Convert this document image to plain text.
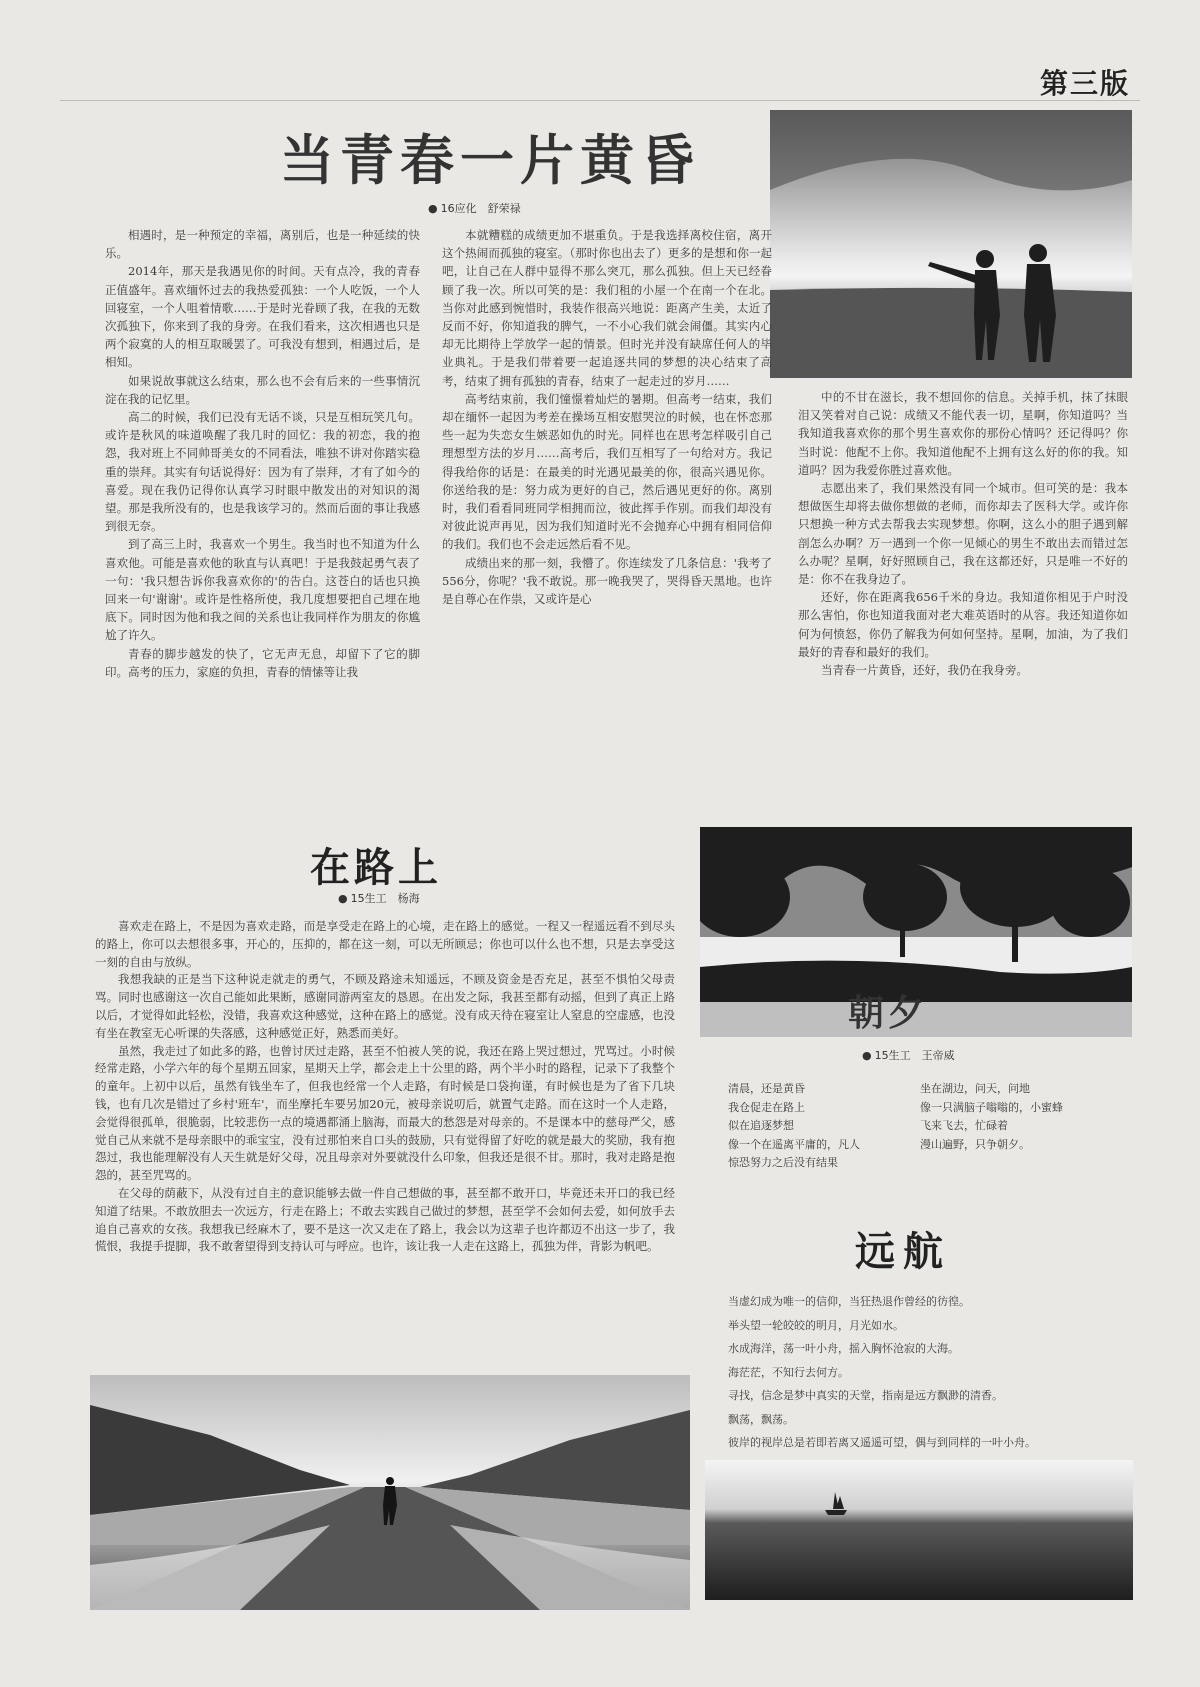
第三版
当青春一片黄昏
● 16应化　舒荣禄

相遇时，是一种预定的幸福，离别后，也是一种延续的快乐。

2014年，那天是我遇见你的时间。天有点冷，我的青春正值盛年。喜欢缅怀过去的我热爱孤独：一个人吃饭，一个人回寝室，一个人咀着情歌……于是时光眷顾了我，在我的无数次孤独下，你来到了我的身旁。在我们看来，这次相遇也只是两个寂寞的人的相互取暖罢了。可我没有想到，相遇过后，是相知。

如果说故事就这么结束，那么也不会有后来的一些事情沉淀在我的记忆里。

高二的时候，我们已没有无话不谈，只是互相玩笑几句。或许是秋风的味道唤醒了我几时的回忆：我的初恋，我的抱怨，我对班上不同帅哥美女的不同看法，唯独不讲对你踏实稳重的崇拜。其实有句话说得好：因为有了崇拜，才有了如今的喜爱。现在我仍记得你认真学习时眼中散发出的对知识的渴望。那是我所没有的，也是我该学习的。然而后面的事让我感到很无奈。

到了高三上时，我喜欢一个男生。我当时也不知道为什么喜欢他。可能是喜欢他的耿直与认真吧！于是我鼓起勇气表了一句：'我只想告诉你我喜欢你的'的告白。这苍白的话也只换回来一句'谢谢'。或许是性格所使，我几度想要把自己埋在地底下。同时因为他和我之间的关系也让我同样作为朋友的你尴尬了许久。

青春的脚步越发的快了，它无声无息，却留下了它的脚印。高考的压力，家庭的负担，青春的情愫等让我

本就糟糕的成绩更加不堪重负。于是我选择离校住宿，离开这个热闹而孤独的寝室。（那时你也出去了）更多的是想和你一起吧，让自己在人群中显得不那么突兀，那么孤独。但上天已经眷顾了我一次。所以可笑的是：我们租的小屋一个在南一个在北。当你对此感到惋惜时，我装作很高兴地说：距离产生美，太近了反而不好，你知道我的脾气，一不小心我们就会闹僵。其实内心却无比期待上学放学一起的情景。但时光并没有缺席任何人的毕业典礼。于是我们带着要一起追逐共同的梦想的决心结束了高考，结束了拥有孤独的青春，结束了一起走过的岁月……

高考结束前，我们憧憬着灿烂的暑期。但高考一结束，我们却在缅怀一起因为考差在操场互相安慰哭泣的时候，也在怀恋那些一起为失恋女生嫉恶如仇的时光。同样也在思考怎样吸引自己理想型方法的岁月……高考后，我们互相写了一句给对方。我记得我给你的话是：在最美的时光遇见最美的你，很高兴遇见你。你送给我的是：努力成为更好的自己，然后遇见更好的你。离别时，我们看看同班同学相拥而泣，彼此挥手作别。而我们却没有对彼此说声再见，因为我们知道时光不会抛弃心中拥有相同信仰的我们。我们也不会走远然后看不见。

成绩出来的那一刻，我懵了。你连续发了几条信息：'我考了556分，你呢？'我不敢说。那一晚我哭了，哭得昏天黑地。也许是自尊心在作祟，又或许是心

中的不甘在滋长，我不想回你的信息。关掉手机，抹了抹眼泪又笑着对自己说：成绩又不能代表一切，星啊，你知道吗？当我知道我喜欢你的那个男生喜欢你的那份心情吗？还记得吗？你当时说：他配不上你。我知道他配不上拥有这么好的你的我。知道吗？因为我爱你胜过喜欢他。

志愿出来了，我们果然没有同一个城市。但可笑的是：我本想做医生却将去做你想做的老师，而你却去了医科大学。或许你只想换一种方式去帮我去实现梦想。你啊，这么小的胆子遇到解剖怎么办啊？万一遇到一个你一见倾心的男生不敢出去而错过怎么办呢？星啊，好好照顾自己，我在这都还好，只是唯一不好的是：你不在我身边了。

还好，你在距离我656千米的身边。我知道你相见于户时没那么害怕，你也知道我面对老大难英语时的从容。我还知道你如何为何愤怒，你仍了解我为何如何坚持。星啊，加油，为了我们最好的青春和最好的我们。

当青春一片黄昏，还好，我仍在我身旁。

在路上
● 15生工　杨海

喜欢走在路上，不是因为喜欢走路，而是享受走在路上的心境，走在路上的感觉。一程又一程遥远看不到尽头的路上，你可以去想很多事，开心的，压抑的，都在这一刻，可以无所顾忌；你也可以什么也不想，只是去享受这一刻的自由与放纵。

我想我缺的正是当下这种说走就走的勇气，不顾及路途未知遥远，不顾及资金是否充足，甚至不惧怕父母责骂。同时也感谢这一次自己能如此果断，感谢同游两室友的恳恩。在出发之际，我甚至都有动摇，但到了真正上路以后，才觉得如此轻松，没错，我喜欢这种感觉，这种在路上的感觉。没有成天待在寝室让人窒息的空虚感，也没有坐在教室无心听课的失落感，这种感觉正好，熟悉而美好。

虽然，我走过了如此多的路，也曾讨厌过走路，甚至不怕被人笑的说，我还在路上哭过想过，咒骂过。小时候经常走路，小学六年的每个星期五回家，星期天上学，都会走上十公里的路，两个半小时的路程，记录下了我整个的童年。上初中以后，虽然有钱坐车了，但我也经常一个人走路，有时候是口袋拘谨，有时候也是为了省下几块钱，也有几次是错过了乡村'班车'，而坐摩托车要另加20元，被母亲说叨后，就置气走路。而在这时一个人走路，会觉得很孤单，很脆弱，比较悲伤一点的境遇都涌上脑海，而最大的愁怨是对母亲的。不是课本中的慈母严父，感觉自己从来就不是母亲眼中的乖宝宝，没有过那怕来自口头的鼓励，只有觉得留了好吃的就是最大的奖励，我有抱怨过，我也能理解没有人天生就是好父母，况且母亲对外要就没什么印象，但我还是很不甘。那时，我对走路是抱怨的，甚至咒骂的。

在父母的荫蔽下，从没有过自主的意识能够去做一件自己想做的事，甚至都不敢开口，毕竟还未开口的我已经知道了结果。不敢放胆去一次远方，行走在路上；不敢去实践自己做过的梦想，甚至学不会如何去爱，如何放手去追自己喜欢的女孩。我想我已经麻木了，要不是这一次又走在了路上，我会以为这辈子也许都迈不出这一步了，我慌恨，我提手提脚，我不敢奢望得到支持认可与呼应。也许，该让我一人走在这路上，孤独为伴，背影为帆吧。

朝夕
● 15生工　王帝威
清晨，还是黄昏
我仓促走在路上
似在追逐梦想
像一个在遥离平庸的，凡人
惊恐努力之后没有结果
坐在湖边，问天，问地
像一只满脑子嗡嗡的，小蜜蜂
飞来飞去，忙碌着
漫山遍野，只争朝夕。
远航
当虚幻成为唯一的信仰，当狂热退作曾经的彷徨。
举头望一轮皎皎的明月，月光如水。
水成海洋，荡一叶小舟，摇入胸怀沧寂的大海。
海茫茫，不知行去何方。
寻找，信念是梦中真实的天堂，指南是远方飘渺的清香。
飘荡，飘荡。
彼岸的视岸总是若即若离又遥遥可望，偶与到同样的一叶小舟。
